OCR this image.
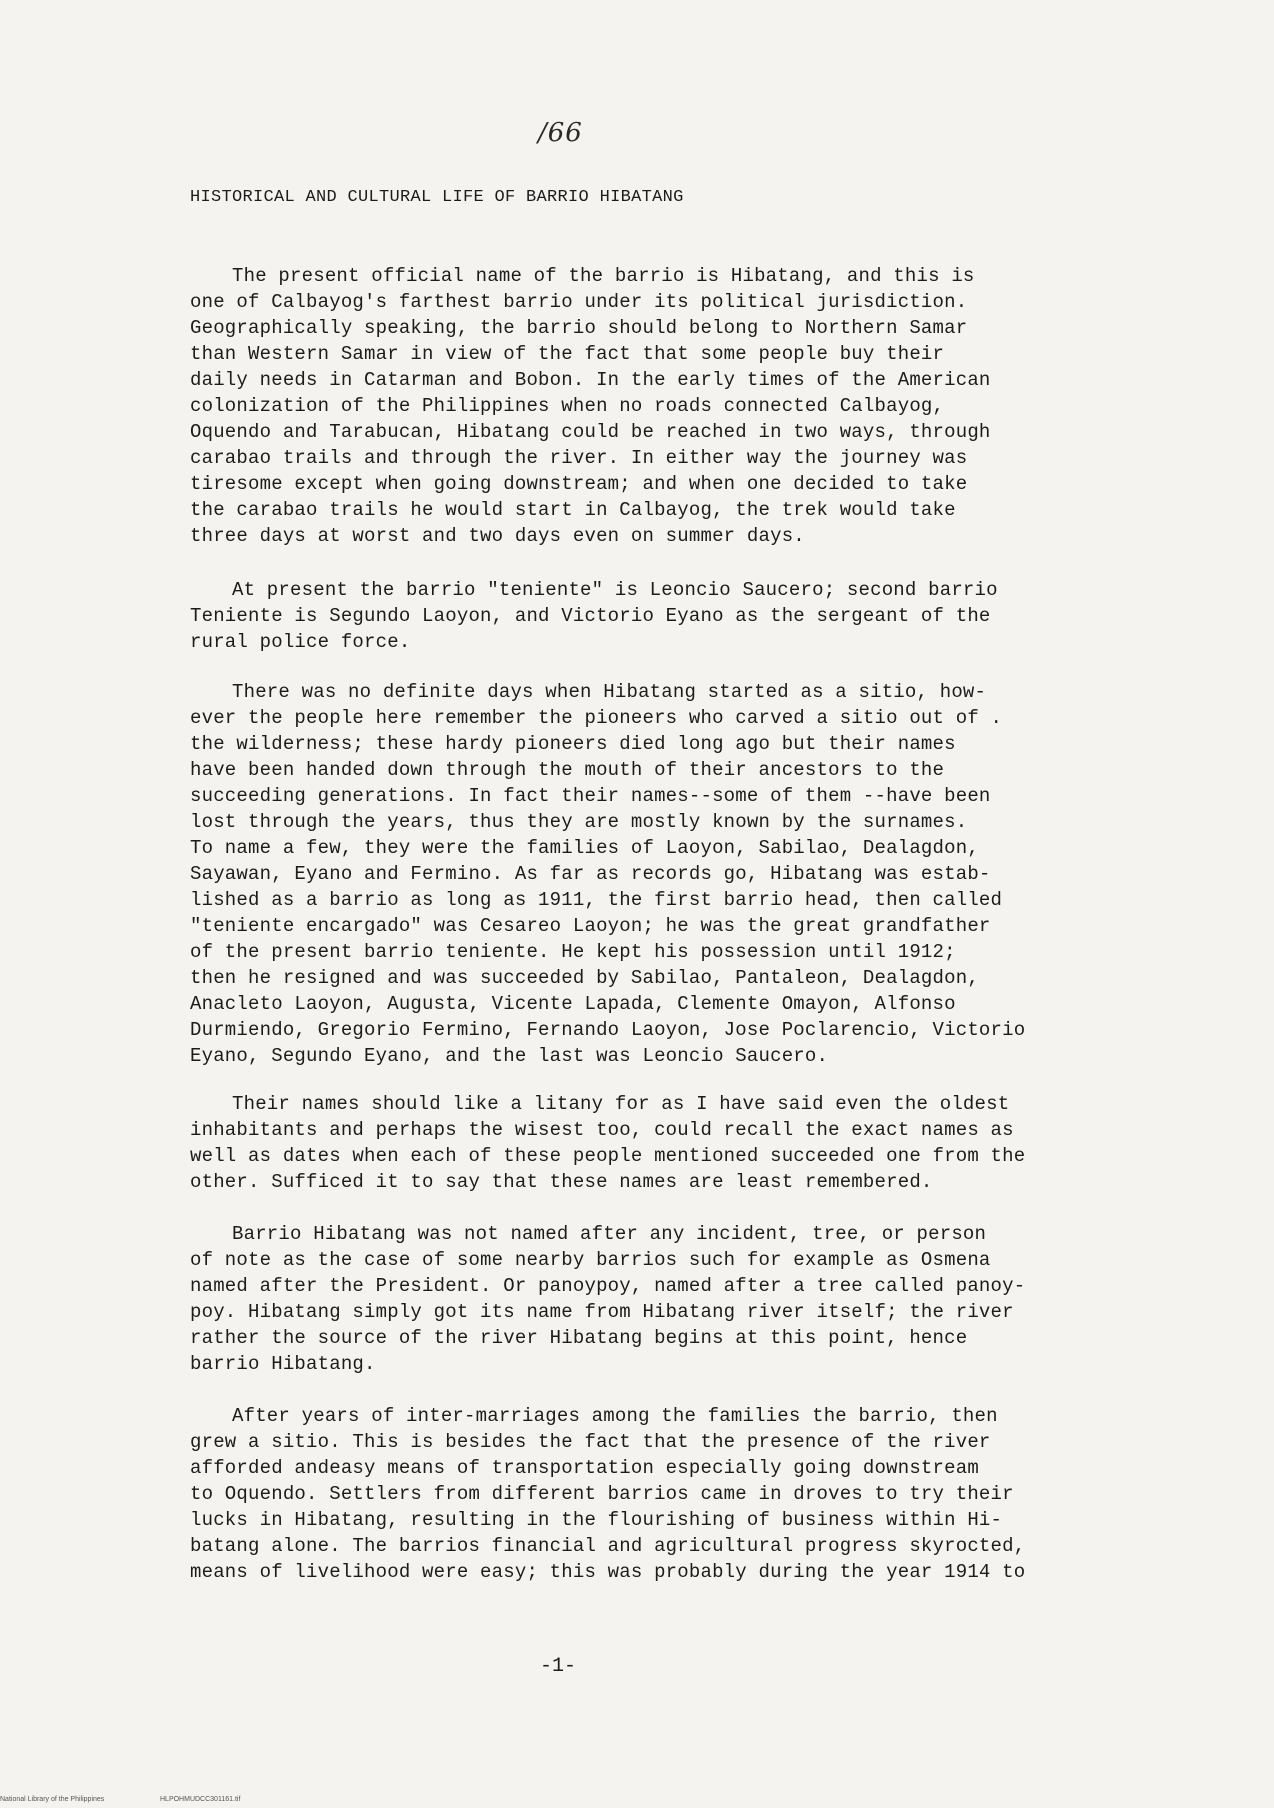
/66
HISTORICAL AND CULTURAL LIFE OF BARRIO HIBATANG
The present official name of the barrio is Hibatang, and this is
one of Calbayog's farthest barrio under its political jurisdiction.
Geographically speaking, the barrio should belong to Northern Samar
than Western Samar in view of the fact that some people buy their
daily needs in Catarman and Bobon. In the early times of the American
colonization of the Philippines when no roads connected Calbayog,
Oquendo and Tarabucan, Hibatang could be reached in two ways, through
carabao trails and through the river. In either way the journey was
tiresome except when going downstream; and when one decided to take
the carabao trails he would start in Calbayog, the trek would take
three days at worst and two days even on summer days.
At present the barrio "teniente" is Leoncio Saucero; second barrio
Teniente is Segundo Laoyon, and Victorio Eyano as the sergeant of the
rural police force.
There was no definite days when Hibatang started as a sitio, how-
ever the people here remember the pioneers who carved a sitio out of .
the wilderness; these hardy pioneers died long ago but their names
have been handed down through the mouth of their ancestors to the
succeeding generations. In fact their names--some of them --have been
lost through the years, thus they are mostly known by the surnames.
To name a few, they were the families of Laoyon, Sabilao, Dealagdon,
Sayawan, Eyano and Fermino. As far as records go, Hibatang was estab-
lished as a barrio as long as 1911, the first barrio head, then called
"teniente encargado" was Cesareo Laoyon; he was the great grandfather
of the present barrio teniente. He kept his possession until 1912;
then he resigned and was succeeded by Sabilao, Pantaleon, Dealagdon,
Anacleto Laoyon, Augusta, Vicente Lapada, Clemente Omayon, Alfonso
Durmiendo, Gregorio Fermino, Fernando Laoyon, Jose Poclarencio, Victorio
Eyano, Segundo Eyano, and the last was Leoncio Saucero.
Their names should like a litany for as I have said even the oldest
inhabitants and perhaps the wisest too, could recall the exact names as
well as dates when each of these people mentioned succeeded one from the
other. Sufficed it to say that these names are least remembered.
Barrio Hibatang was not named after any incident, tree, or person
of note as the case of some nearby barrios such for example as Osmena
named after the President. Or panoypoy, named after a tree called panoy-
poy. Hibatang simply got its name from Hibatang river itself; the river
rather the source of the river Hibatang begins at this point, hence
barrio Hibatang.
After years of inter-marriages among the families the barrio, then
grew a sitio. This is besides the fact that the presence of the river
afforded andeasy means of transportation especially going downstream
to Oquendo. Settlers from different barrios came in droves to try their
lucks in Hibatang, resulting in the flourishing of business within Hi-
batang alone. The barrios financial and agricultural progress skyrocted,
means of livelihood were easy; this was probably during the year 1914 to
-1-
National Library of the Philippines	HLPOHMUDCC301161.tif
